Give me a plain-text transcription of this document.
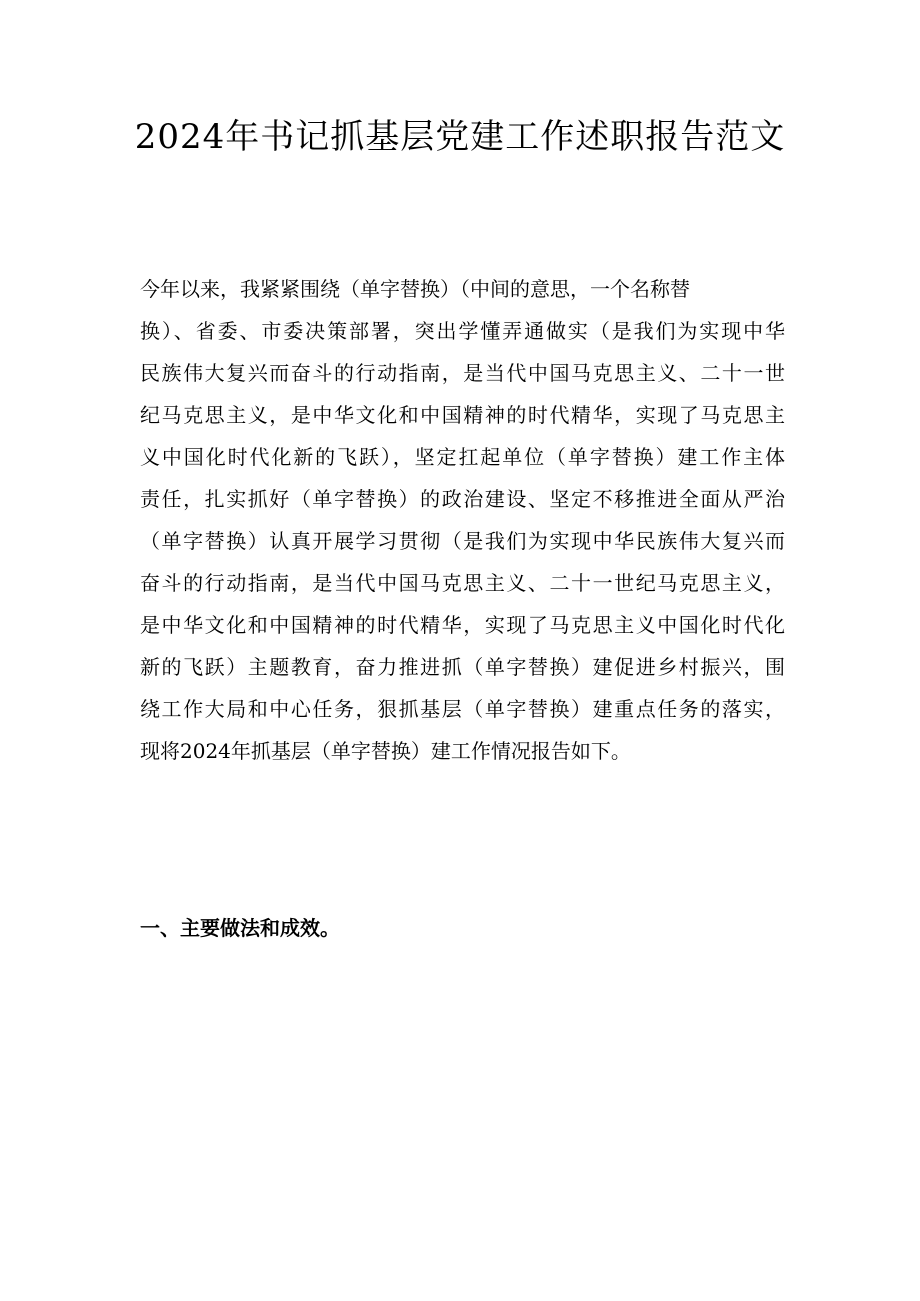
2024年书记抓基层党建工作述职报告范文
今年以来，我紧紧围绕（单字替换）（中间的意思，一个名称替
换）、省委、市委决策部署，突出学懂弄通做实（是我们为实现中华
民族伟大复兴而奋斗的行动指南，是当代中国马克思主义、二十一世
纪马克思主义，是中华文化和中国精神的时代精华，实现了马克思主
义中国化时代化新的飞跃），坚定扛起单位（单字替换）建工作主体
责任，扎实抓好（单字替换）的政治建设、坚定不移推进全面从严治
（单字替换）认真开展学习贯彻（是我们为实现中华民族伟大复兴而
奋斗的行动指南，是当代中国马克思主义、二十一世纪马克思主义，
是中华文化和中国精神的时代精华，实现了马克思主义中国化时代化
新的飞跃）主题教育，奋力推进抓（单字替换）建促进乡村振兴，围
绕工作大局和中心任务，狠抓基层（单字替换）建重点任务的落实，
现将2024年抓基层（单字替换）建工作情况报告如下。
一、主要做法和成效。
